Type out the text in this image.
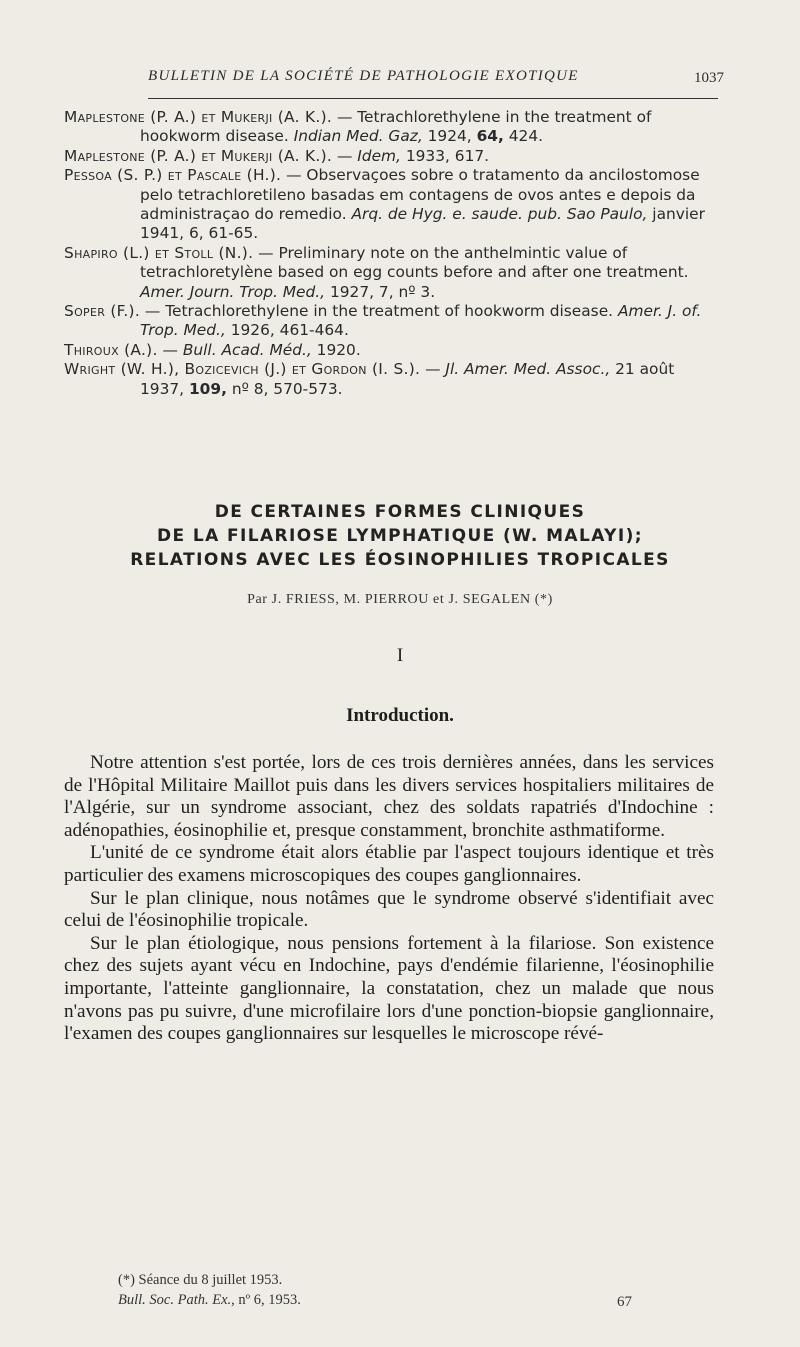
BULLETIN DE LA SOCIÉTÉ DE PATHOLOGIE EXOTIQUE	1037

Maplestone (P. A.) et Mukerji (A. K.). — Tetrachlorethylene in the treatment of hookworm disease. Indian Med. Gaz, 1924, 64, 424.

Maplestone (P. A.) et Mukerji (A. K.). — Idem, 1933, 617.

Pessoa (S. P.) et Pascale (H.). — Observaçoes sobre o tratamento da ancilostomose pelo tetrachloretileno basadas em contagens de ovos antes e depois da administraçao do remedio. Arq. de Hyg. e. saude. pub. Sao Paulo, janvier 1941, 6, 61-65.

Shapiro (L.) et Stoll (N.). — Preliminary note on the anthelmintic value of tetrachloretylène based on egg counts before and after one treatment. Amer. Journ. Trop. Med., 1927, 7, nº 3.

Soper (F.). — Tetrachlorethylene in the treatment of hookworm disease. Amer. J. of. Trop. Med., 1926, 461-464.

Thiroux (A.). — Bull. Acad. Méd., 1920.

Wright (W. H.), Bozicevich (J.) et Gordon (I. S.). — Jl. Amer. Med. Assoc., 21 août 1937, 109, nº 8, 570-573.

DE CERTAINES FORMES CLINIQUES
DE LA FILARIOSE LYMPHATIQUE (W. MALAYI);
RELATIONS AVEC LES ÉOSINOPHILIES TROPICALES
Par J. FRIESS, M. PIERROU et J. SEGALEN (*)
I
Introduction.

Notre attention s'est portée, lors de ces trois dernières années, dans les services de l'Hôpital Militaire Maillot puis dans les divers services hospitaliers militaires de l'Algérie, sur un syndrome associant, chez des soldats rapatriés d'Indochine : adénopathies, éosinophilie et, presque constamment, bronchite asthmatiforme.

L'unité de ce syndrome était alors établie par l'aspect toujours identique et très particulier des examens microscopiques des coupes ganglionnaires.

Sur le plan clinique, nous notâmes que le syndrome observé s'identifiait avec celui de l'éosinophilie tropicale.

Sur le plan étiologique, nous pensions fortement à la filariose. Son existence chez des sujets ayant vécu en Indochine, pays d'endémie filarienne, l'éosinophilie importante, l'atteinte ganglionnaire, la constatation, chez un malade que nous n'avons pas pu suivre, d'une microfilaire lors d'une ponction-biopsie ganglionnaire, l'examen des coupes ganglionnaires sur lesquelles le microscope révé-

(*) Séance du 8 juillet 1953.
Bull. Soc. Path. Ex., nº 6, 1953.	67
